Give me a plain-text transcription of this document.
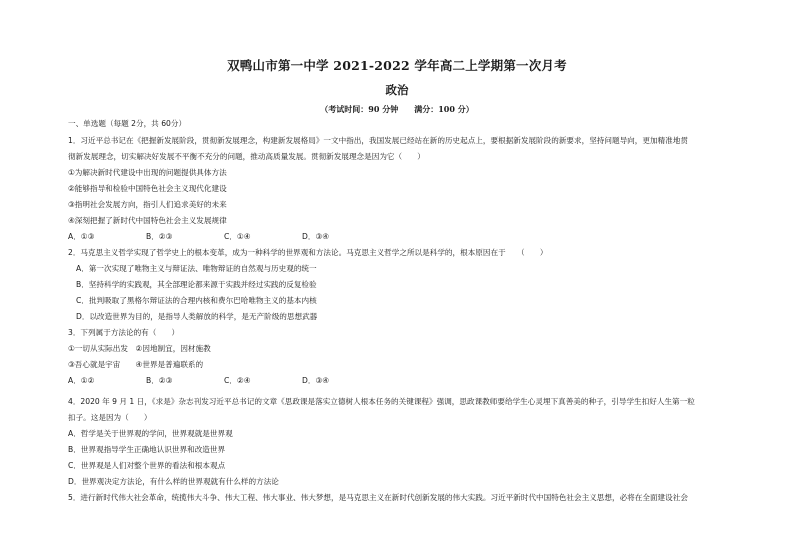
双鸭山市第一中学 2021-2022 学年高二上学期第一次月考
政治
（考试时间：90 分钟　　满分：100 分）
一、单选题（每题 2分，共 60分）
1．习近平总书记在《把握新发展阶段，贯彻新发展理念，构建新发展格局》一文中指出，我国发展已经站在新的历史起点上，要根据新发展阶段的新要求，坚持问题导向，更加精准地贯
彻新发展理念，切实解决好发展不平衡不充分的问题，推动高质量发展。贯彻新发展理念是因为它（　　）
①为解决新时代建设中出现的问题提供具体方法
②能够指导和检验中国特色社会主义现代化建设
③指明社会发展方向，指引人们追求美好的未来
④深刻把握了新时代中国特色社会主义发展规律
A．①③	B．②③	C．①④	D．③④
2．马克思主义哲学实现了哲学史上的根本变革，成为一种科学的世界观和方法论。马克思主义哲学之所以是科学的，根本原因在于　　（　　）
A．第一次实现了唯物主义与辩证法、唯物辩证的自然观与历史观的统一
B．坚持科学的实践观，其全部理论都来源于实践并经过实践的反复检验
C．批判吸取了黑格尔辩证法的合理内核和费尔巴哈唯物主义的基本内核
D．以改造世界为目的，是指导人类解放的科学，是无产阶级的思想武器
3．下列属于方法论的有（　　）
①一切从实际出发　②因地制宜，因材施教
③吾心就是宇宙　　④世界是普遍联系的
A．①②	B．②③	C．②④	D．③④
4．2020 年 9 月 1 日，《求是》杂志刊发习近平总书记的文章《思政课是落实立德树人根本任务的关键课程》强调，思政课教师要给学生心灵埋下真善美的种子，引导学生扣好人生第一粒
扣子。这是因为（　　）
A．哲学是关于世界观的学问，世界观就是世界观
B．世界观指导学生正确地认识世界和改造世界
C．世界观是人们对整个世界的看法和根本观点
D．世界观决定方法论，有什么样的世界观就有什么样的方法论
5．进行新时代伟大社会革命，统揽伟大斗争、伟大工程、伟大事业、伟大梦想，是马克思主义在新时代创新发展的伟大实践。习近平新时代中国特色社会主义思想，必将在全面建设社会
